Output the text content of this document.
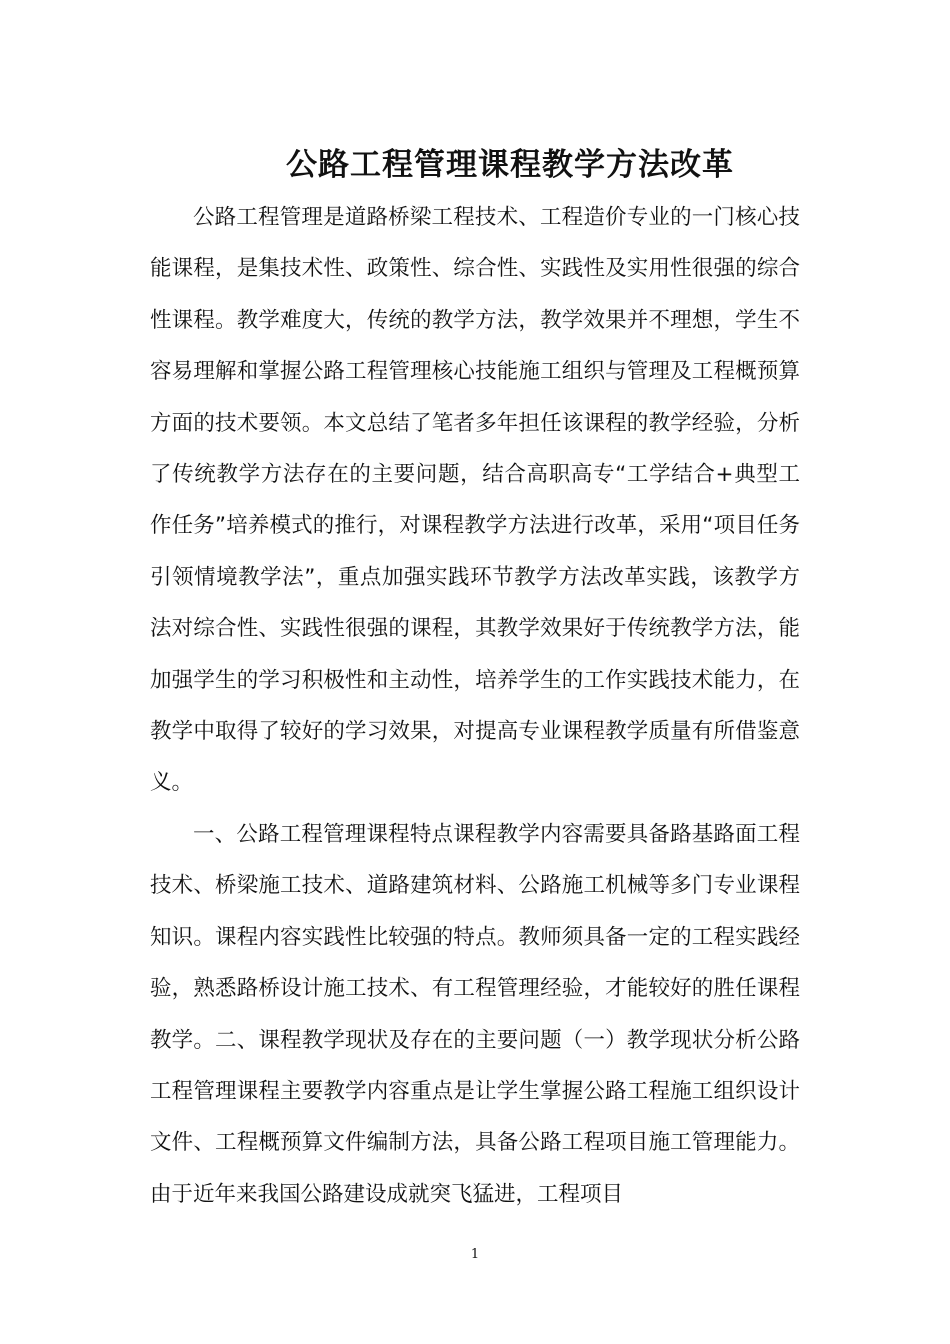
公路工程管理课程教学方法改革

公路工程管理是道路桥梁工程技术、工程造价专业的一门核心技能课程，是集技术性、政策性、综合性、实践性及实用性很强的综合性课程。教学难度大，传统的教学方法，教学效果并不理想，学生不容易理解和掌握公路工程管理核心技能施工组织与管理及工程概预算方面的技术要领。本文总结了笔者多年担任该课程的教学经验，分析了传统教学方法存在的主要问题，结合高职高专“工学结合+典型工作任务”培养模式的推行，对课程教学方法进行改革，采用“项目任务引领情境教学法”，重点加强实践环节教学方法改革实践，该教学方法对综合性、实践性很强的课程，其教学效果好于传统教学方法，能加强学生的学习积极性和主动性，培养学生的工作实践技术能力，在教学中取得了较好的学习效果，对提高专业课程教学质量有所借鉴意义。

一、公路工程管理课程特点课程教学内容需要具备路基路面工程技术、桥梁施工技术、道路建筑材料、公路施工机械等多门专业课程知识。课程内容实践性比较强的特点。教师须具备一定的工程实践经验，熟悉路桥设计施工技术、有工程管理经验，才能较好的胜任课程教学。二、课程教学现状及存在的主要问题（一）教学现状分析公路工程管理课程主要教学内容重点是让学生掌握公路工程施工组织设计文件、工程概预算文件编制方法，具备公路工程项目施工管理能力。由于近年来我国公路建设成就突飞猛进，工程项目

1
